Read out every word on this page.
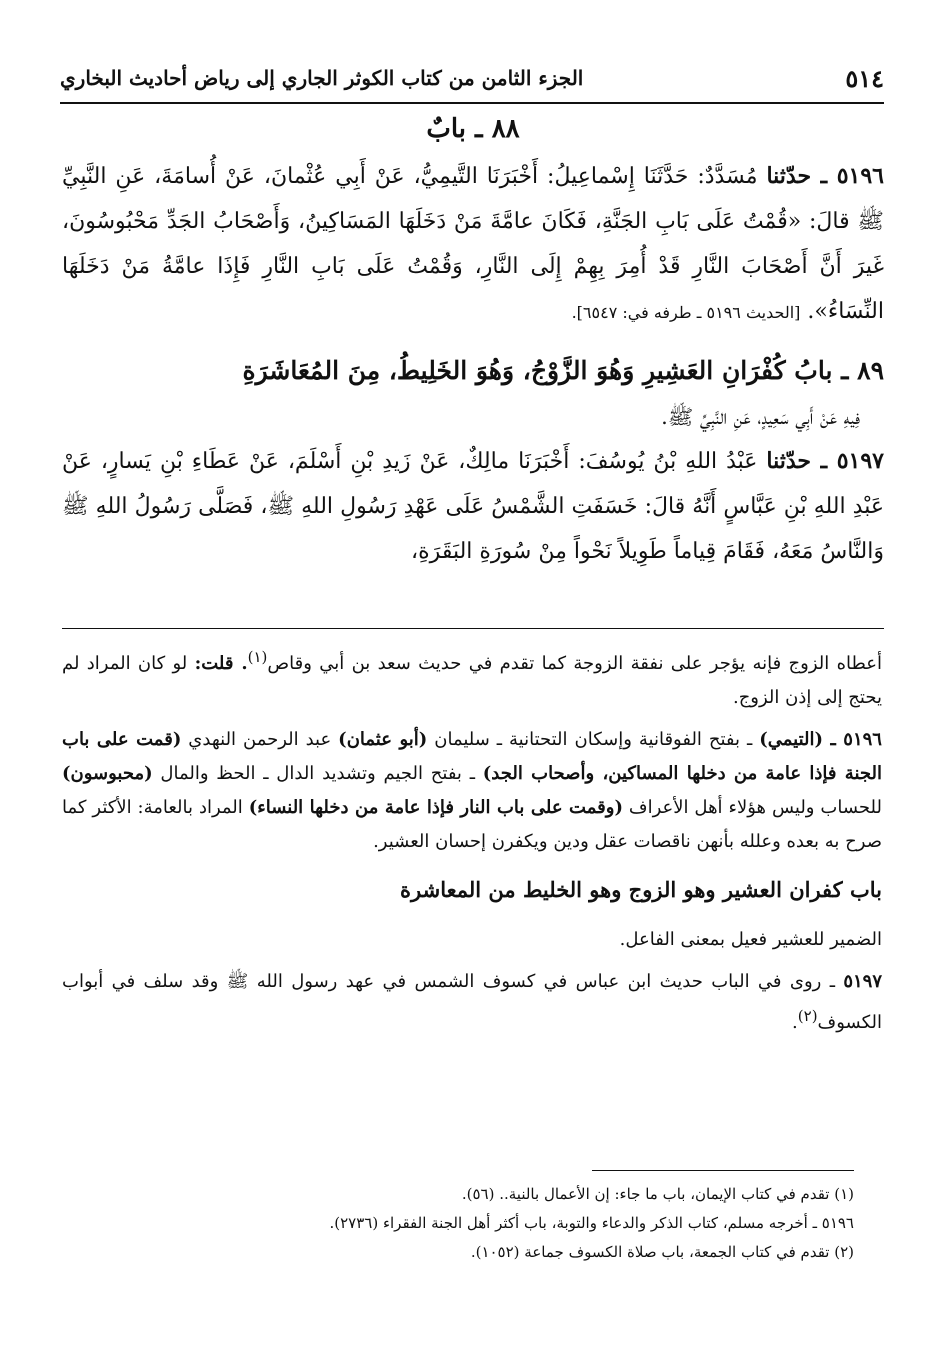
٥١٤
الجزء الثامن من كتاب الكوثر الجاري إلى رياض أحاديث البخاري
٨٨ ـ بابٌ

٥١٩٦ ـ حدّثنا مُسَدَّدٌ: حَدَّثَنَا إِسْماعِيلُ: أَخْبَرَنَا التَّيمِيُّ، عَنْ أَبِي عُثْمانَ، عَنْ أُسامَةَ، عَنِ النَّبِيِّ ﷺ قالَ: «قُمْتُ عَلَى بَابِ الجَنَّةِ، فَكَانَ عامَّةَ مَنْ دَخَلَهَا المَسَاكِينُ، وَأَصْحَابُ الجَدِّ مَحْبُوسُونَ، غَيرَ أَنَّ أَصْحَابَ النَّارِ قَدْ أُمِرَ بِهِمْ إِلَى النَّارِ، وَقُمْتُ عَلَى بَابِ النَّارِ فَإِذَا عامَّةُ مَنْ دَخَلَهَا النِّسَاءُ». [الحديث ٥١٩٦ ـ طرفه في: ٦٥٤٧].

٨٩ ـ بابُ كُفْرَانِ العَشِيرِ وَهُوَ الزَّوْجُ، وَهُوَ الخَلِيطُ، مِنَ المُعَاشَرَةِ

فِيهِ عَنْ أَبِي سَعِيدٍ، عَنِ النَّبِيِّ ﷺ.

٥١٩٧ ـ حدّثنا عَبْدُ اللهِ بْنُ يُوسُفَ: أَخْبَرَنَا مالِكٌ، عَنْ زَيدِ بْنِ أَسْلَمَ، عَنْ عَطَاءِ بْنِ يَسارٍ، عَنْ عَبْدِ اللهِ بْنِ عَبَّاسٍ أَنَّهُ قالَ: خَسَفَتِ الشَّمْسُ عَلَى عَهْدِ رَسُولِ اللهِ ﷺ، فَصَلَّى رَسُولُ اللهِ ﷺ وَالنَّاسُ مَعَهُ، فَقَامَ قِياماً طَوِيلاً نَحْواً مِنْ سُورَةِ البَقَرَةِ،

أعطاه الزوج فإنه يؤجر على نفقة الزوجة كما تقدم في حديث سعد بن أبي وقاص$^{(١)}$. قلت: لو كان المراد لم يحتج إلى إذن الزوج.

٥١٩٦ ـ (التيمي) ـ بفتح الفوقانية وإسكان التحتانية ـ سليمان (أبو عثمان) عبد الرحمن النهدي (قمت على باب الجنة فإذا عامة من دخلها المساكين، وأصحاب الجد) ـ بفتح الجيم وتشديد الدال ـ الحظ والمال (محبوسون) للحساب وليس هؤلاء أهل الأعراف (وقمت على باب النار فإذا عامة من دخلها النساء) المراد بالعامة: الأكثر كما صرح به بعده وعلله بأنهن ناقصات عقل ودين ويكفرن إحسان العشير.

باب كفران العشير وهو الزوج وهو الخليط من المعاشرة

الضمير للعشير فعيل بمعنى الفاعل.

٥١٩٧ ـ روى في الباب حديث ابن عباس في كسوف الشمس في عهد رسول الله ﷺ وقد سلف في أبواب الكسوف$^{(٢)}$.

(١) تقدم في كتاب الإيمان، باب ما جاء: إن الأعمال بالنية.. (٥٦).
٥١٩٦ ـ أخرجه مسلم، كتاب الذكر والدعاء والتوبة، باب أكثر أهل الجنة الفقراء (٢٧٣٦).
(٢) تقدم في كتاب الجمعة، باب صلاة الكسوف جماعة (١٠٥٢).
